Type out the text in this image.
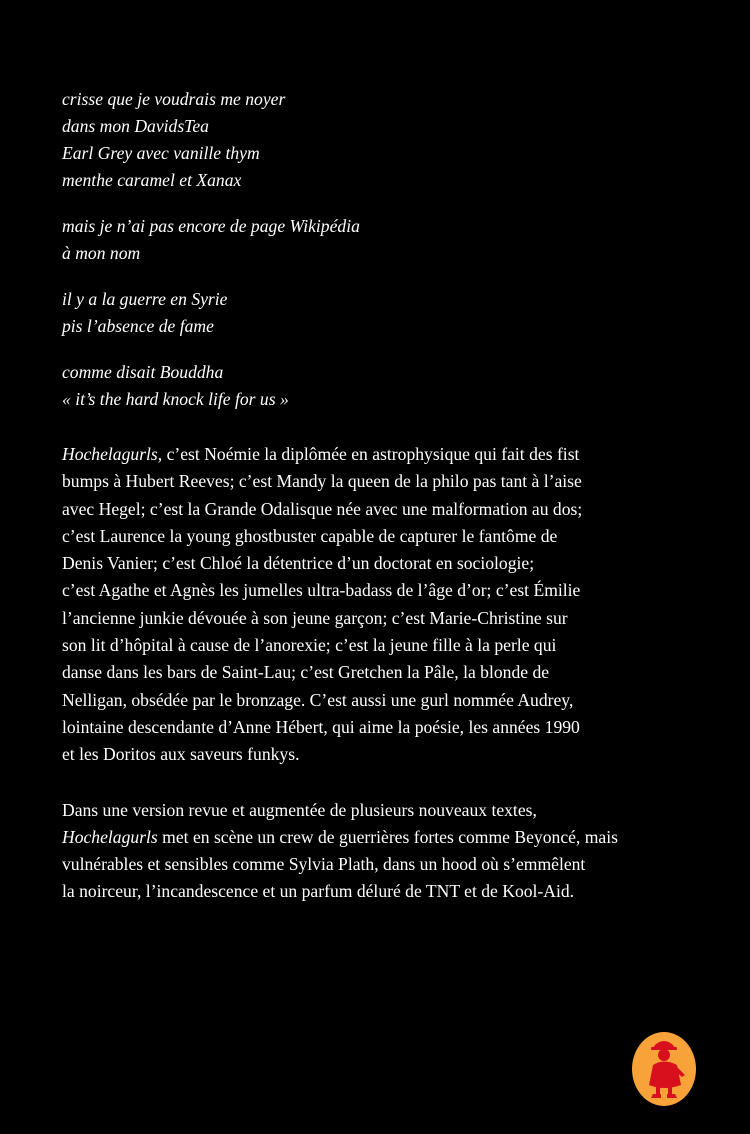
crisse que je voudrais me noyer
dans mon DavidsTea
Earl Grey avec vanille thym
menthe caramel et Xanax
mais je n’ai pas encore de page Wikipédia
à mon nom
il y a la guerre en Syrie
pis l’absence de fame
comme disait Bouddha
« it’s the hard knock life for us »
Hochelagurls, c’est Noémie la diplômée en astrophysique qui fait des fist
bumps à Hubert Reeves; c’est Mandy la queen de la philo pas tant à l’aise
avec Hegel; c’est la Grande Odalisque née avec une malformation au dos;
c’est Laurence la young ghostbuster capable de capturer le fantôme de
Denis Vanier; c’est Chloé la détentrice d’un doctorat en sociologie;
c’est Agathe et Agnès les jumelles ultra-badass de l’âge d’or; c’est Émilie
l’ancienne junkie dévouée à son jeune garçon; c’est Marie-Christine sur
son lit d’hôpital à cause de l’anorexie; c’est la jeune fille à la perle qui
danse dans les bars de Saint-Lau; c’est Gretchen la Pâle, la blonde de
Nelligan, obsédée par le bronzage. C’est aussi une gurl nommée Audrey,
lointaine descendante d’Anne Hébert, qui aime la poésie, les années 1990
et les Doritos aux saveurs funkys.
Dans une version revue et augmentée de plusieurs nouveaux textes,
Hochelagurls met en scène un crew de guerrières fortes comme Beyoncé, mais
vulnérables et sensibles comme Sylvia Plath, dans un hood où s’emmêlent
la noirceur, l’incandescence et un parfum déluré de TNT et de Kool-Aid.
